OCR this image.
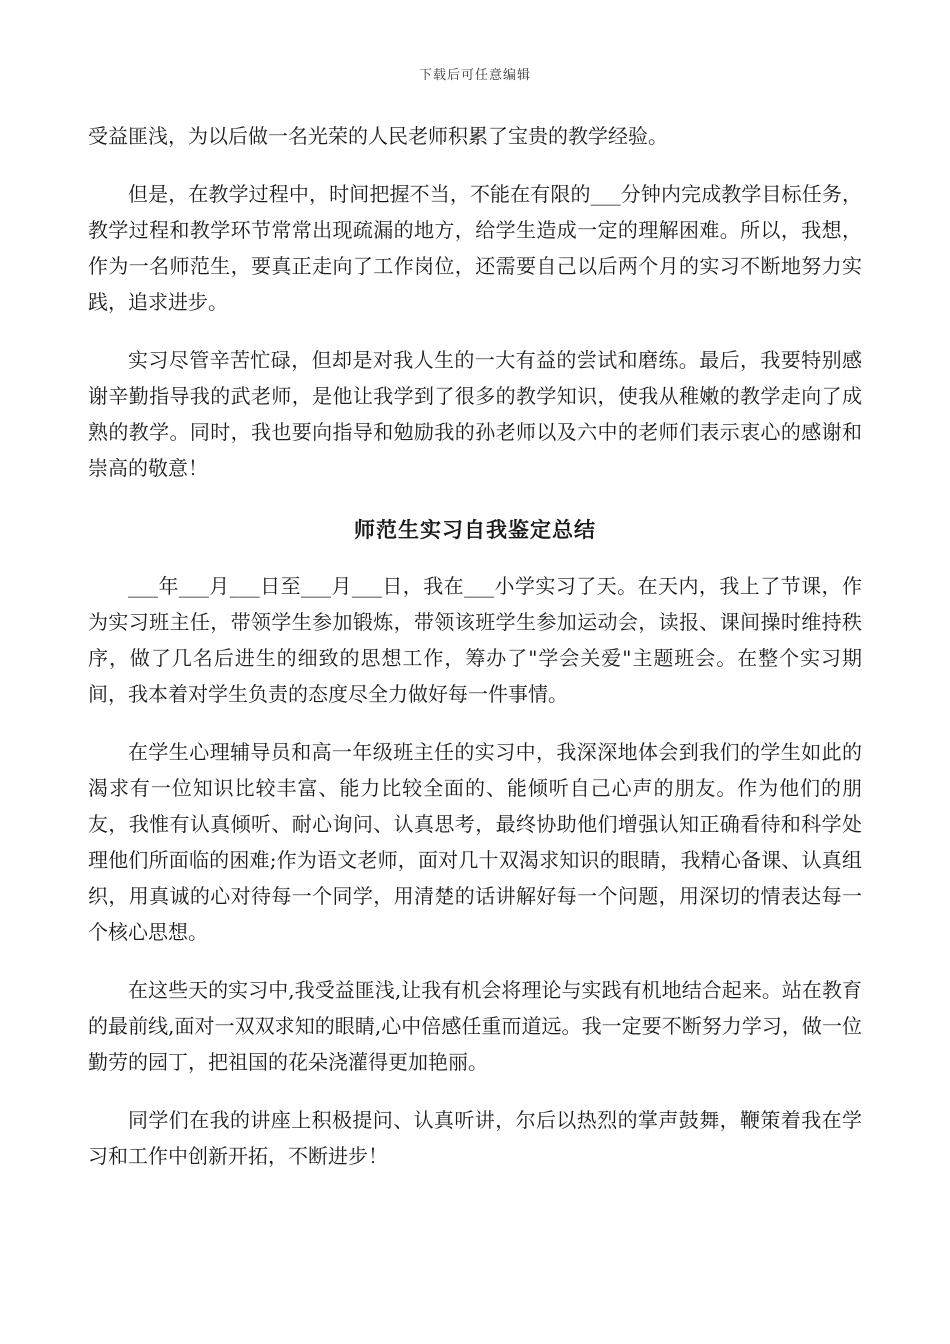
下载后可任意编辑

受益匪浅，为以后做一名光荣的人民老师积累了宝贵的教学经验。

但是，在教学过程中，时间把握不当，不能在有限的___分钟内完成教学目标任务，教学过程和教学环节常常出现疏漏的地方，给学生造成一定的理解困难。所以，我想，作为一名师范生，要真正走向了工作岗位，还需要自己以后两个月的实习不断地努力实践，追求进步。

实习尽管辛苦忙碌，但却是对我人生的一大有益的尝试和磨练。最后，我要特别感谢辛勤指导我的武老师，是他让我学到了很多的教学知识，使我从稚嫩的教学走向了成熟的教学。同时，我也要向指导和勉励我的孙老师以及六中的老师们表示衷心的感谢和崇高的敬意！

师范生实习自我鉴定总结

___年___月___日至___月___日，我在___小学实习了天。在天内，我上了节课，作为实习班主任，带领学生参加锻炼，带领该班学生参加运动会，读报、课间操时维持秩序，做了几名后进生的细致的思想工作，筹办了"学会关爱"主题班会。在整个实习期间，我本着对学生负责的态度尽全力做好每一件事情。

在学生心理辅导员和高一年级班主任的实习中，我深深地体会到我们的学生如此的渴求有一位知识比较丰富、能力比较全面的、能倾听自己心声的朋友。作为他们的朋友，我惟有认真倾听、耐心询问、认真思考，最终协助他们增强认知正确看待和科学处理他们所面临的困难;作为语文老师，面对几十双渴求知识的眼睛，我精心备课、认真组织，用真诚的心对待每一个同学，用清楚的话讲解好每一个问题，用深切的情表达每一个核心思想。

在这些天的实习中,我受益匪浅,让我有机会将理论与实践有机地结合起来。站在教育的最前线,面对一双双求知的眼睛,心中倍感任重而道远。我一定要不断努力学习，做一位勤劳的园丁，把祖国的花朵浇灌得更加艳丽。

同学们在我的讲座上积极提问、认真听讲，尔后以热烈的掌声鼓舞，鞭策着我在学习和工作中创新开拓，不断进步！
